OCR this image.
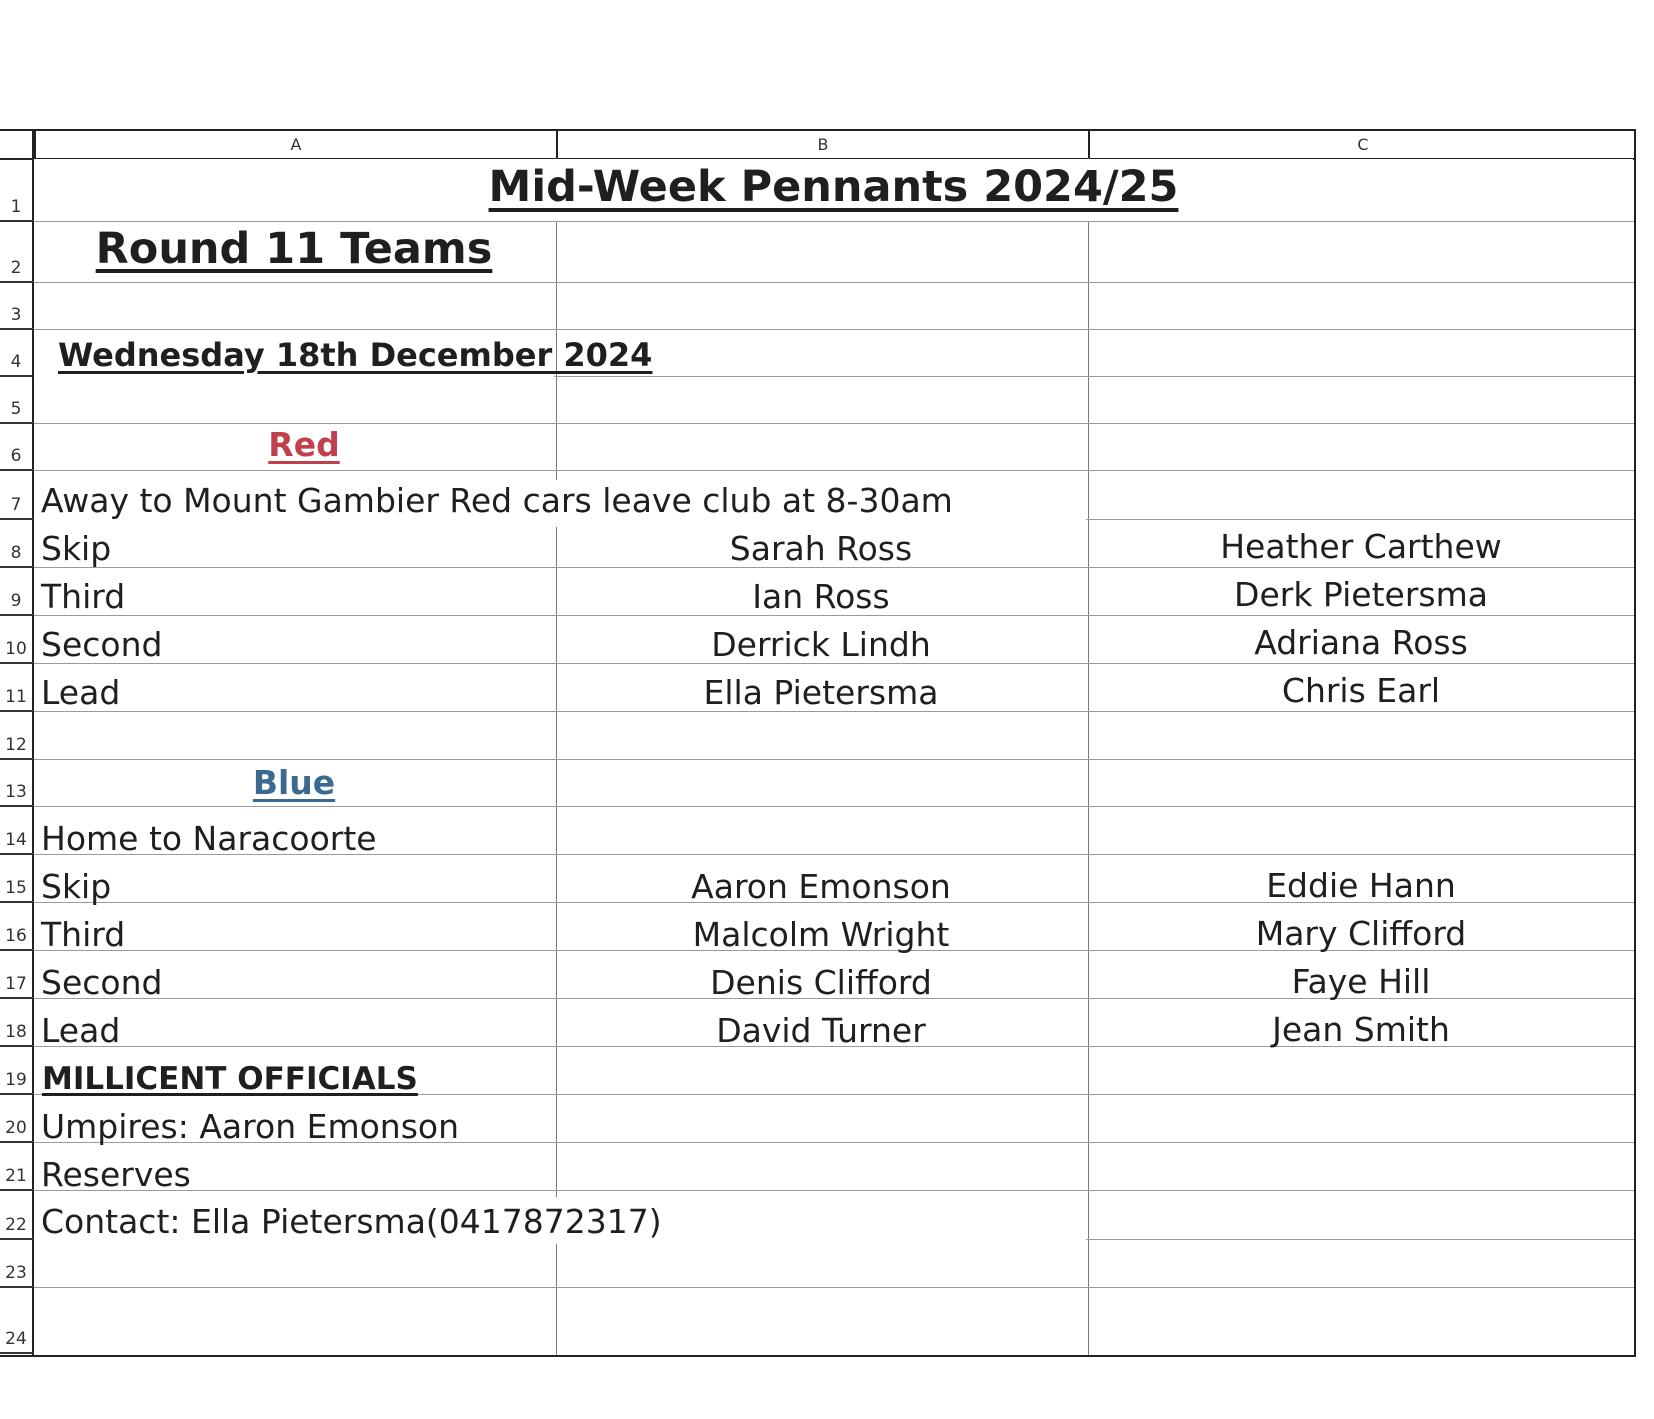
A	B	C
1
2
3
4
5
6
7
8
9
10
11
12
13
14
15
16
17
18
19
20
21
22
23
24
Mid-Week Pennants 2024/25
Round 11 Teams
Wednesday 18th December 2024
Red
Away to Mount Gambier Red cars leave club at 8-30am
Skip	Sarah Ross	Heather Carthew
Third	Ian Ross	Derk Pietersma
Second	Derrick Lindh	Adriana Ross
Lead	Ella Pietersma	Chris Earl
Blue
Home to Naracoorte
Skip	Aaron Emonson	Eddie Hann
Third	Malcolm Wright	Mary Clifford
Second	Denis Clifford	Faye Hill
Lead	David Turner	Jean Smith
MILLICENT OFFICIALS
Umpires: Aaron Emonson
Reserves
Contact: Ella Pietersma(0417872317)
